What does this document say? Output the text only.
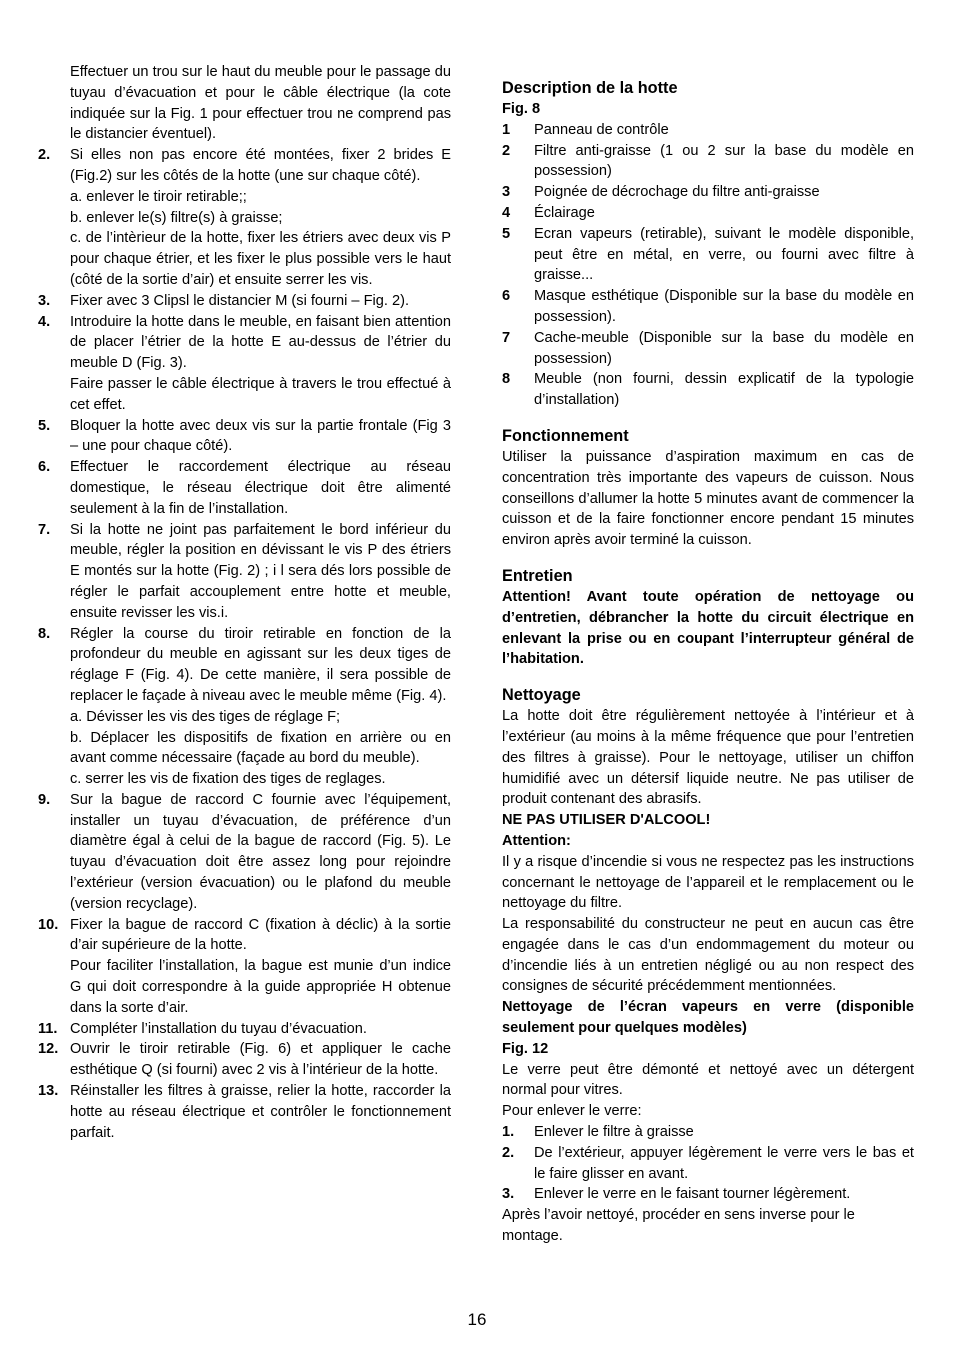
Effectuer un trou sur le haut du meuble pour le passage du tuyau d’évacuation et pour le câble électrique (la cote indiquée sur la Fig. 1 pour effectuer trou ne comprend pas le distancier éventuel).

2.	Si elles non pas encore été montées, fixer 2 brides E (Fig.2) sur les côtés de la hotte (une sur chaque côté).

a. enlever le tiroir retirable;;

b. enlever le(s) filtre(s) à graisse;

c. de l’intèrieur de la hotte, fixer les étriers avec deux vis P pour chaque étrier, et les fixer le plus possible vers le haut (côté de la sortie d’air) et ensuite serrer les vis.

3.	Fixer avec 3 Clipsl le distancier M (si fourni – Fig. 2).

4.	Introduire la hotte dans le meuble, en faisant bien attention de placer l’étrier de la hotte E au-dessus de l’étrier du meuble D (Fig. 3).

Faire passer le câble électrique à travers le trou effectué à cet effet.

5.	Bloquer la hotte avec deux vis sur la partie frontale (Fig 3 – une pour chaque côté).

6.	Effectuer le raccordement électrique au réseau domestique, le réseau électrique doit être alimenté seulement à la fin de l’installation.

7.	Si la hotte ne joint pas parfaitement le bord inférieur du meuble, régler la position en dévissant le vis P des étriers E montés sur la hotte (Fig. 2) ; i l sera dés lors possible de régler le parfait accouplement entre hotte et meuble, ensuite revisser les vis.i.

8.	Régler la course du tiroir retirable en fonction de la profondeur du meuble en agissant sur les deux tiges de réglage F (Fig. 4). De cette manière, il sera possible de replacer le façade à niveau avec le meuble même (Fig. 4).

a. Dévisser les vis des tiges de réglage F;

b. Déplacer les dispositifs de fixation en arrière ou en avant comme nécessaire (façade au bord du meuble).

c. serrer les vis de fixation des tiges de reglages.

9.	Sur la bague de raccord C fournie avec l’équipement, installer un tuyau d’évacuation, de préférence d’un diamètre égal à celui de la bague de raccord (Fig. 5). Le tuyau d’évacuation doit être assez long pour rejoindre l’extérieur (version évacuation) ou le plafond du meuble (version recyclage).

10. Fixer la bague de raccord C (fixation à déclic) à la sortie d’air supérieure de la hotte.

Pour faciliter l’installation, la bague est munie d’un indice G qui doit correspondre à la guide appropriée H obtenue dans la sorte d’air.

11. Compléter l’installation du tuyau d’évacuation.

12. Ouvrir le tiroir retirable (Fig. 6) et appliquer le cache esthétique Q (si fourni) avec 2 vis à l’intérieur de la hotte.

13. Réinstaller les filtres à graisse, relier la hotte, raccorder la hotte au réseau électrique et contrôler le fonctionnement parfait.

Description de la hotte

Fig. 8

1	Panneau de contrôle
2	Filtre anti-graisse (1 ou 2 sur la base du modèle en possession)
3	Poignée de décrochage du filtre anti-graisse
4	Éclairage
5	Ecran vapeurs (retirable), suivant le modèle disponible, peut être en métal, en verre, ou fourni avec filtre à graisse...
6	Masque esthétique (Disponible sur la base du modèle en possession).
7	Cache-meuble (Disponible sur la base du modèle en possession)
8	Meuble (non fourni, dessin explicatif de la typologie d’installation)
Fonctionnement

Utiliser la puissance d’aspiration maximum en cas de concentration très importante des vapeurs de cuisson. Nous conseillons d’allumer la hotte 5 minutes avant de commencer la cuisson et de la faire fonctionner encore pendant 15 minutes environ après avoir terminé la cuisson.

Entretien

Attention! Avant toute opération de nettoyage ou d’entretien, débrancher la hotte du circuit électrique en enlevant la prise ou en coupant l’interrupteur général de l’habitation.

Nettoyage

La hotte doit être régulièrement nettoyée à l’intérieur et à l’extérieur (au moins à la même fréquence que pour l’entretien des filtres à graisse). Pour le nettoyage, utiliser un chiffon humidifié avec un détersif liquide neutre. Ne pas utiliser de produit contenant des abrasifs.

NE PAS UTILISER D'ALCOOL!

Attention:

Il y a risque d’incendie si vous ne respectez pas les instructions concernant le nettoyage de l’appareil et le remplacement ou le nettoyage du filtre.

La responsabilité du constructeur ne peut en aucun cas être engagée dans le cas d’un endommagement du moteur ou d’incendie liés à un entretien négligé ou au non respect des consignes de sécurité précédemment mentionnées.

Nettoyage de l’écran vapeurs en verre (disponible seulement pour quelques modèles)

Fig. 12

Le verre peut être démonté et nettoyé avec un détergent normal pour vitres.

Pour enlever le verre:

1.	Enlever le filtre à graisse
2.	De l’extérieur, appuyer légèrement le verre vers le bas et le faire glisser en avant.
3.	Enlever le verre en le faisant tourner légèrement.

Après l’avoir nettoyé, procéder en sens inverse pour le montage.

16
